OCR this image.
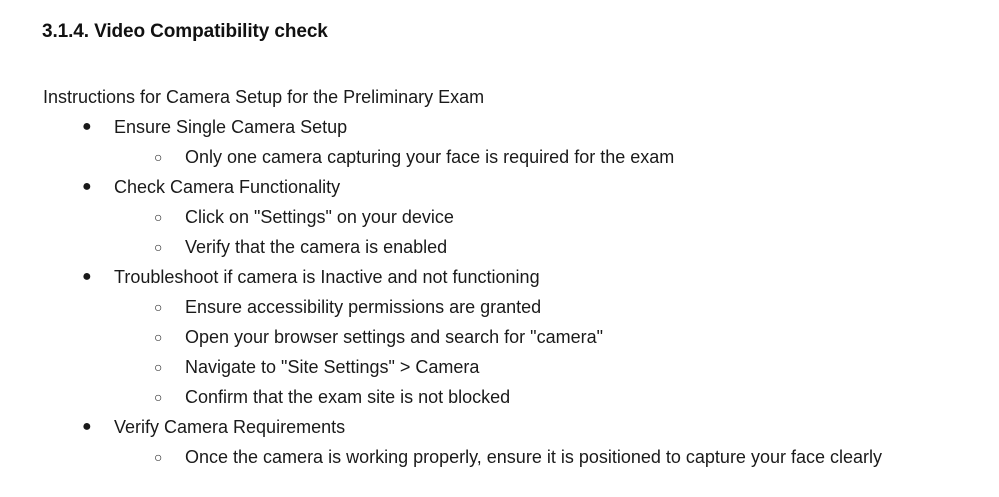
3.1.4. Video Compatibility check

Instructions for Camera Setup for the Preliminary Exam

● Ensure Single Camera Setup
○ Only one camera capturing your face is required for the exam
● Check Camera Functionality
○ Click on "Settings" on your device
○ Verify that the camera is enabled
● Troubleshoot if camera is Inactive and not functioning
○ Ensure accessibility permissions are granted
○ Open your browser settings and search for "camera"
○ Navigate to "Site Settings" > Camera
○ Confirm that the exam site is not blocked
● Verify Camera Requirements
○ Once the camera is working properly, ensure it is positioned to capture your face clearly
